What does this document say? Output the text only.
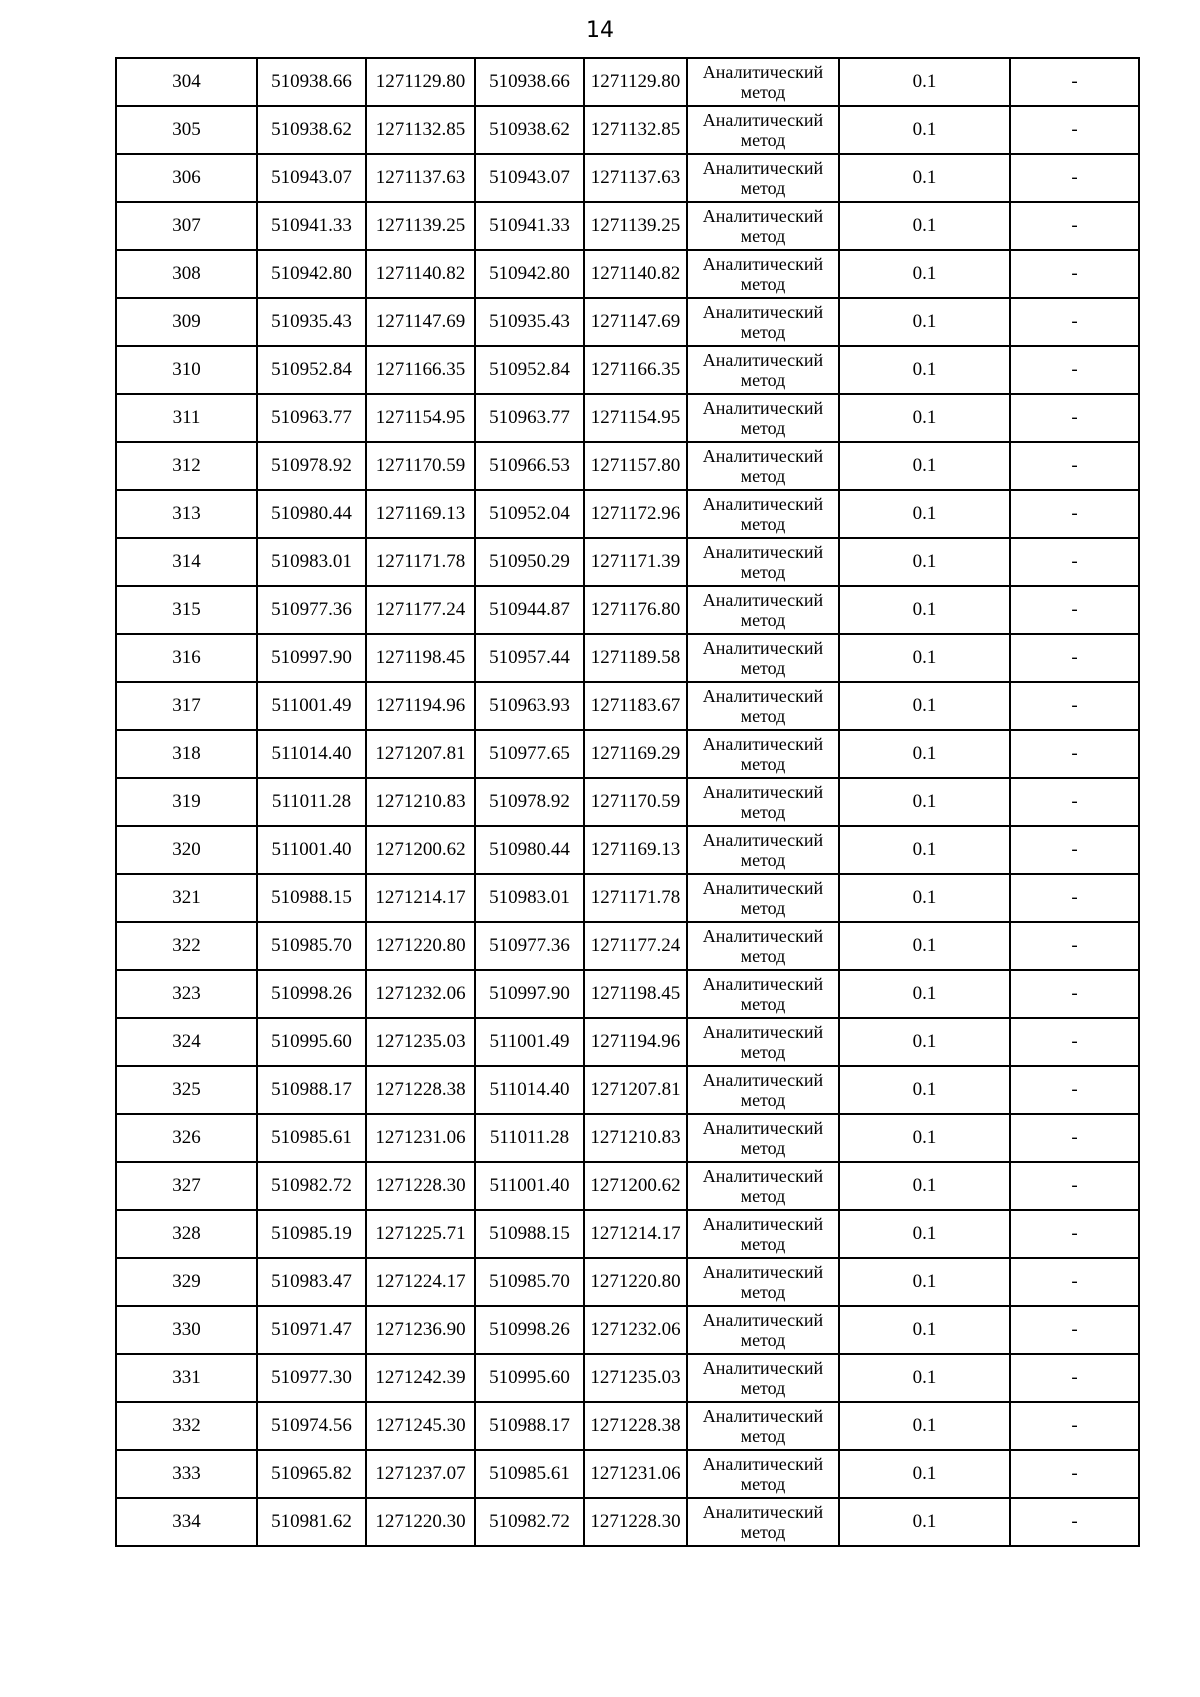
14
304	510938.66	1271129.80	510938.66	1271129.80	Аналитический
метод	0.1	-
305	510938.62	1271132.85	510938.62	1271132.85	Аналитический
метод	0.1	-
306	510943.07	1271137.63	510943.07	1271137.63	Аналитический
метод	0.1	-
307	510941.33	1271139.25	510941.33	1271139.25	Аналитический
метод	0.1	-
308	510942.80	1271140.82	510942.80	1271140.82	Аналитический
метод	0.1	-
309	510935.43	1271147.69	510935.43	1271147.69	Аналитический
метод	0.1	-
310	510952.84	1271166.35	510952.84	1271166.35	Аналитический
метод	0.1	-
311	510963.77	1271154.95	510963.77	1271154.95	Аналитический
метод	0.1	-
312	510978.92	1271170.59	510966.53	1271157.80	Аналитический
метод	0.1	-
313	510980.44	1271169.13	510952.04	1271172.96	Аналитический
метод	0.1	-
314	510983.01	1271171.78	510950.29	1271171.39	Аналитический
метод	0.1	-
315	510977.36	1271177.24	510944.87	1271176.80	Аналитический
метод	0.1	-
316	510997.90	1271198.45	510957.44	1271189.58	Аналитический
метод	0.1	-
317	511001.49	1271194.96	510963.93	1271183.67	Аналитический
метод	0.1	-
318	511014.40	1271207.81	510977.65	1271169.29	Аналитический
метод	0.1	-
319	511011.28	1271210.83	510978.92	1271170.59	Аналитический
метод	0.1	-
320	511001.40	1271200.62	510980.44	1271169.13	Аналитический
метод	0.1	-
321	510988.15	1271214.17	510983.01	1271171.78	Аналитический
метод	0.1	-
322	510985.70	1271220.80	510977.36	1271177.24	Аналитический
метод	0.1	-
323	510998.26	1271232.06	510997.90	1271198.45	Аналитический
метод	0.1	-
324	510995.60	1271235.03	511001.49	1271194.96	Аналитический
метод	0.1	-
325	510988.17	1271228.38	511014.40	1271207.81	Аналитический
метод	0.1	-
326	510985.61	1271231.06	511011.28	1271210.83	Аналитический
метод	0.1	-
327	510982.72	1271228.30	511001.40	1271200.62	Аналитический
метод	0.1	-
328	510985.19	1271225.71	510988.15	1271214.17	Аналитический
метод	0.1	-
329	510983.47	1271224.17	510985.70	1271220.80	Аналитический
метод	0.1	-
330	510971.47	1271236.90	510998.26	1271232.06	Аналитический
метод	0.1	-
331	510977.30	1271242.39	510995.60	1271235.03	Аналитический
метод	0.1	-
332	510974.56	1271245.30	510988.17	1271228.38	Аналитический
метод	0.1	-
333	510965.82	1271237.07	510985.61	1271231.06	Аналитический
метод	0.1	-
334	510981.62	1271220.30	510982.72	1271228.30	Аналитический
метод	0.1	-
